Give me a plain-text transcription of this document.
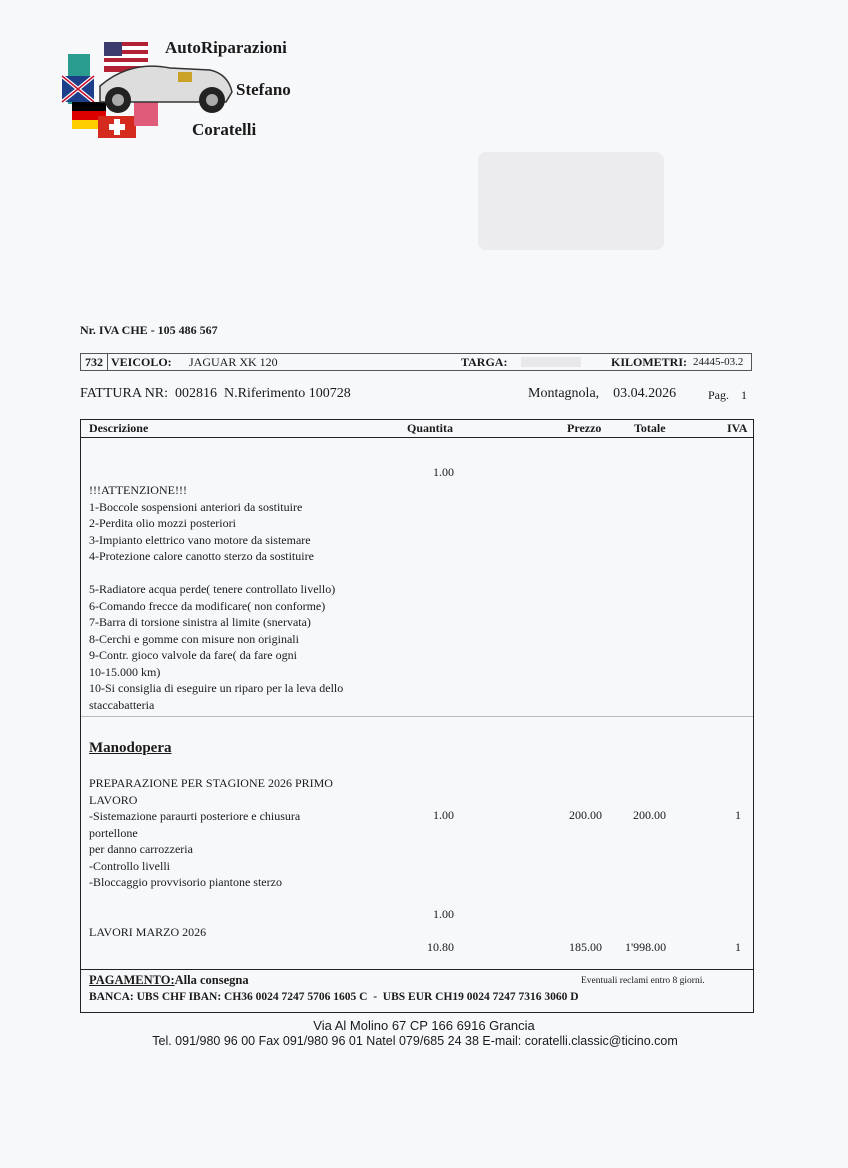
AutoRiparazioni
Stefano
Coratelli
Nr. IVA CHE - 105 486 567
732 VEICOLO: JAGUAR XK 120	TARGA:	KILOMETRI: 24445-03.2
FATTURA NR:  002816  N.Riferimento 100728	Montagnola,    03.04.2026	Pag.    1
Descrizione	Quantita	Prezzo	Totale	IVA
1.00
!!!ATTENZIONE!!!
1-Boccole sospensioni anteriori da sostituire
2-Perdita olio mozzi posteriori
3-Impianto elettrico vano motore da sistemare
4-Protezione calore canotto sterzo da sostituire

5-Radiatore acqua perde( tenere controllato livello)
6-Comando frecce da modificare( non conforme)
7-Barra di torsione sinistra al limite (snervata)
8-Cerchi e gomme con misure non originali
9-Contr. gioco valvole da fare( da fare ogni
10-15.000 km)
10-Si consiglia di eseguire un riparo per la leva dello
staccabatteria
Manodopera
PREPARAZIONE PER STAGIONE 2026 PRIMO
LAVORO
-Sistemazione paraurti posteriore e chiusura
portellone
per danno carrozzeria
-Controllo livelli
-Bloccaggio provvisorio piantone sterzo
1.00	200.00	200.00	1
1.00
LAVORI MARZO 2026
10.80	185.00 1'998.00	1
PAGAMENTO:Alla consegna	Eventuali reclami entro 8 giorni.
BANCA: UBS CHF IBAN: CH36 0024 7247 5706 1605 C  -  UBS EUR CH19 0024 7247 7316 3060 D
Via Al Molino 67 CP 166 6916 Grancia
Tel. 091/980 96 00 Fax 091/980 96 01 Natel 079/685 24 38 E-mail: coratelli.classic@ticino.com
